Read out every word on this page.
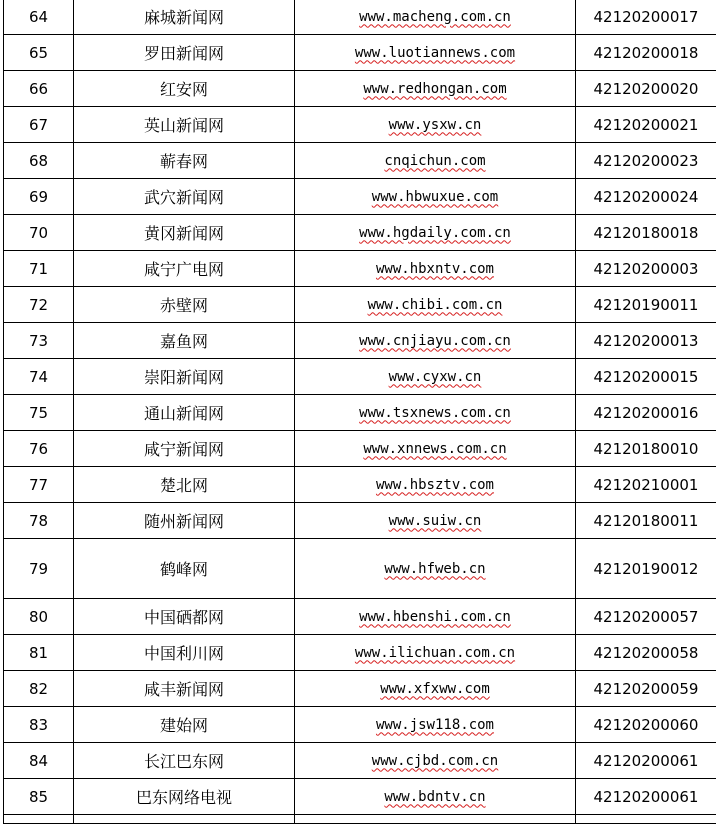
64	麻城新闻网	www.macheng.com.cn	42120200017
65	罗田新闻网	www.luotiannews.com	42120200018
66	红安网	www.redhongan.com	42120200020
67	英山新闻网	www.ysxw.cn	42120200021
68	蕲春网	cnqichun.com	42120200023
69	武穴新闻网	www.hbwuxue.com	42120200024
70	黄冈新闻网	www.hgdaily.com.cn	42120180018
71	咸宁广电网	www.hbxntv.com	42120200003
72	赤壁网	www.chibi.com.cn	42120190011
73	嘉鱼网	www.cnjiayu.com.cn	42120200013
74	崇阳新闻网	www.cyxw.cn	42120200015
75	通山新闻网	www.tsxnews.com.cn	42120200016
76	咸宁新闻网	www.xnnews.com.cn	42120180010
77	楚北网	www.hbsztv.com	42120210001
78	随州新闻网	www.suiw.cn	42120180011
79	鹤峰网	www.hfweb.cn	42120190012
80	中国硒都网	www.hbenshi.com.cn	42120200057
81	中国利川网	www.ilichuan.com.cn	42120200058
82	咸丰新闻网	www.xfxww.com	42120200059
83	建始网	www.jsw118.com	42120200060
84	长江巴东网	www.cjbd.com.cn	42120200061
85	巴东网络电视	www.bdntv.cn	42120200061
